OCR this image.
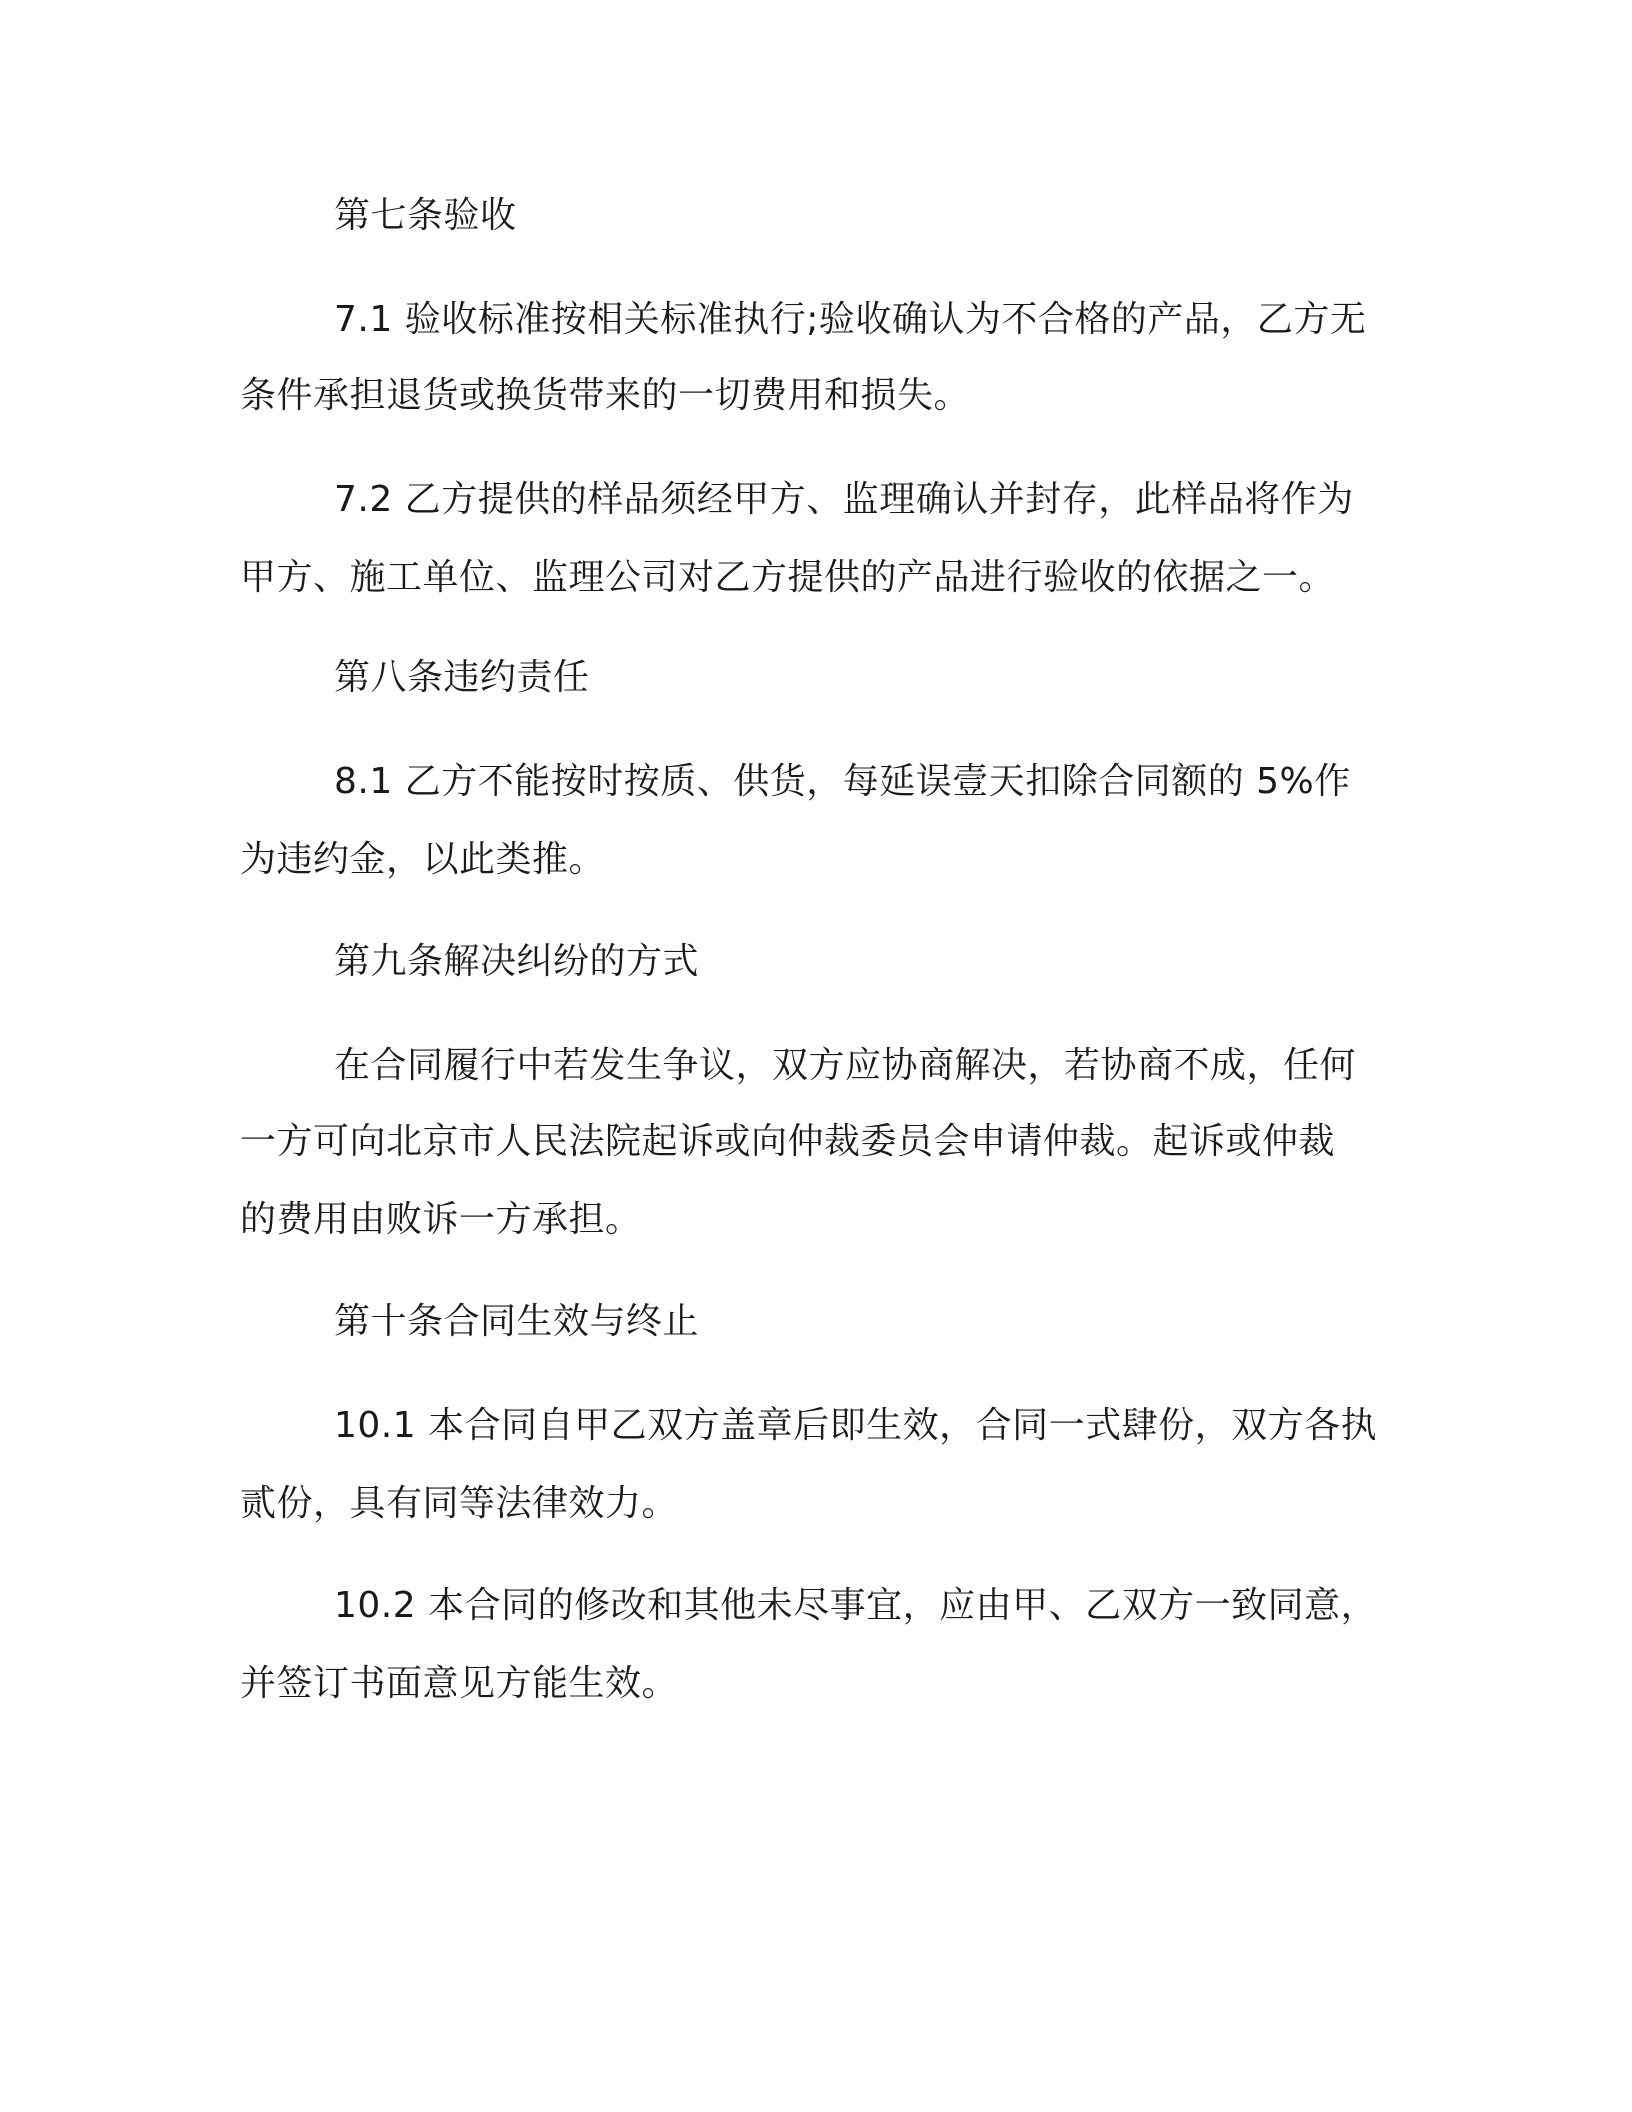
第七条验收
7.1 验收标准按相关标准执行;验收确认为不合格的产品，乙方无
条件承担退货或换货带来的一切费用和损失。
7.2 乙方提供的样品须经甲方、监理确认并封存，此样品将作为
甲方、施工单位、监理公司对乙方提供的产品进行验收的依据之一。
第八条违约责任
8.1 乙方不能按时按质、供货，每延误壹天扣除合同额的 5%作
为违约金，以此类推。
第九条解决纠纷的方式
在合同履行中若发生争议，双方应协商解决，若协商不成，任何
一方可向北京市人民法院起诉或向仲裁委员会申请仲裁。起诉或仲裁
的费用由败诉一方承担。
第十条合同生效与终止
10.1 本合同自甲乙双方盖章后即生效，合同一式肆份，双方各执
贰份，具有同等法律效力。
10.2 本合同的修改和其他未尽事宜，应由甲、乙双方一致同意，
并签订书面意见方能生效。
